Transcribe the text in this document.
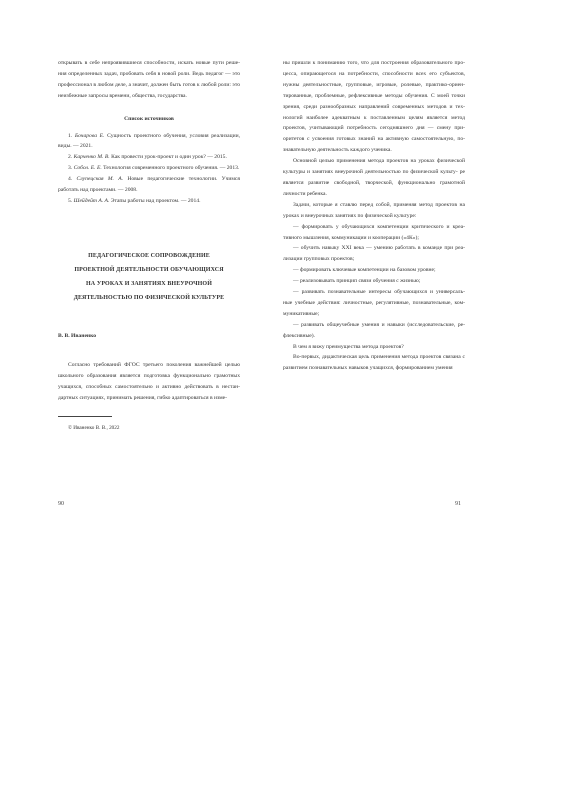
открывать в себе непроявившиеся способности, искать новые пути реше- ния определенных задач, пробовать себя в новой роли. Ведь педагог — это профессионал в любом деле, а значит, должен быть готов к любой роли: это неизбежные запросы времени, общества, государства.

Список источников

1. Бочарова Е. Сущность проектного обучения, условия реализации, виды. — 2021.

2. Карченко М. В. Как провести урок-проект и один урок? — 2015.

3. Собол. Е. Е. Технология современного проектного обучения. — 2013.

4. Слупецская М. А. Новые педагогические технологии. Учимся работать над проектами. — 2008.

5. Шейдейт А. А. Этапы работы над проектом. — 2014.

ПЕДАГОГИЧЕСКОЕ СОПРОВОЖДЕНИЕ
ПРОЕКТНОЙ ДЕЯТЕЛЬНОСТИ ОБУЧАЮЩИХСЯ
НА УРОКАХ И ЗАНЯТИЯХ ВНЕУРОЧНОЙ
ДЕЯТЕЛЬНОСТЬЮ ПО ФИЗИЧЕСКОЙ КУЛЬТУРЕ

В. В. Иваненко

Согласно требований ФГОС третьего поколения важнейшей целью школьного образования является подготовка функционально грамотных учащихся, способных самостоятельно и активно действовать в нестан- дартных ситуациях, принимать решения, гибко адаптироваться в изме-

© Иваненко В. В., 2022

90

ны пришли к пониманию того, что для построения образовательного про- цесса, опирающегося на потребности, способности всех его субъектов, нужны деятельностные, групповые, игровые, ролевые, практико-ориен- тированные, проблемные, рефлексивные методы обучения. С моей точки зрения, среди разнообразных направлений современных методов и тех- нологий наиболее адекватным к поставленным целям является метод проектов, учитывающий потребность сегодняшнего дня — смену при- оритетов с усвоения готовых знаний на активную самостоятельную, по- знавательную деятельность каждого ученика.

Основной целью применения метода проектов на уроках физической культуры и занятиях внеурочной деятельностью по физической культу- ре является развитие свободной, творческой, функционально грамотной личности ребенка.

Задачи, которые я ставлю перед собой, применяя метод проектов на уроках и внеурочных занятиях по физической культуре:

— формировать у обучающихся компетенции критического и креа- тивного мышления, коммуникации и кооперации («4К»);

— обучить навыку XXI века — умению работать в команде при реа- лизации групповых проектов;

— формировать ключевые компетенции на базовом уровне;

— реализовывать принцип связи обучения с жизнью;

— развивать познавательные интересы обучающихся и универсаль- ные учебные действия: личностные, регулятивные, познавательные, ком- муникативные;

— развивать общеучебные умения и навыки (исследовательские, ре- флексивные).

В чем я вижу преимущества метода проектов?

Во-первых, дидактическая цель применения метода проектов связана с развитием познавательных навыков учащихся, формированием умения

91
